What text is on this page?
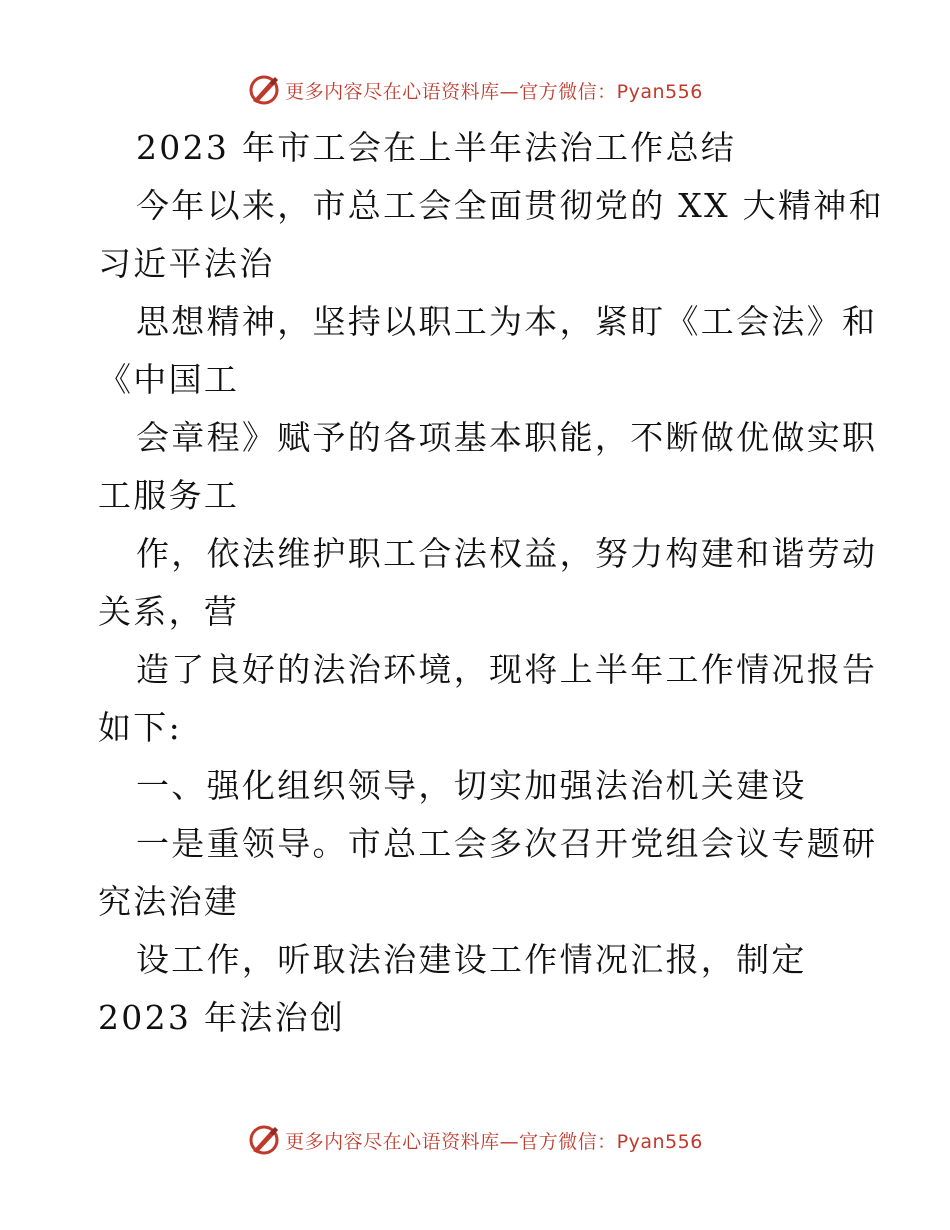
更多内容尽在心语资料库—官方微信：Pyan556
2023 年市工会在上半年法治工作总结
今年以来，市总工会全面贯彻党的 XX 大精神和
习近平法治
思想精神，坚持以职工为本，紧盯《工会法》和
《中国工
会章程》赋予的各项基本职能，不断做优做实职
工服务工
作，依法维护职工合法权益，努力构建和谐劳动
关系，营
造了良好的法治环境，现将上半年工作情况报告
如下:
一、强化组织领导，切实加强法治机关建设
一是重领导。市总工会多次召开党组会议专题研
究法治建
设工作，听取法治建设工作情况汇报，制定
2023 年法治创
更多内容尽在心语资料库—官方微信：Pyan556
